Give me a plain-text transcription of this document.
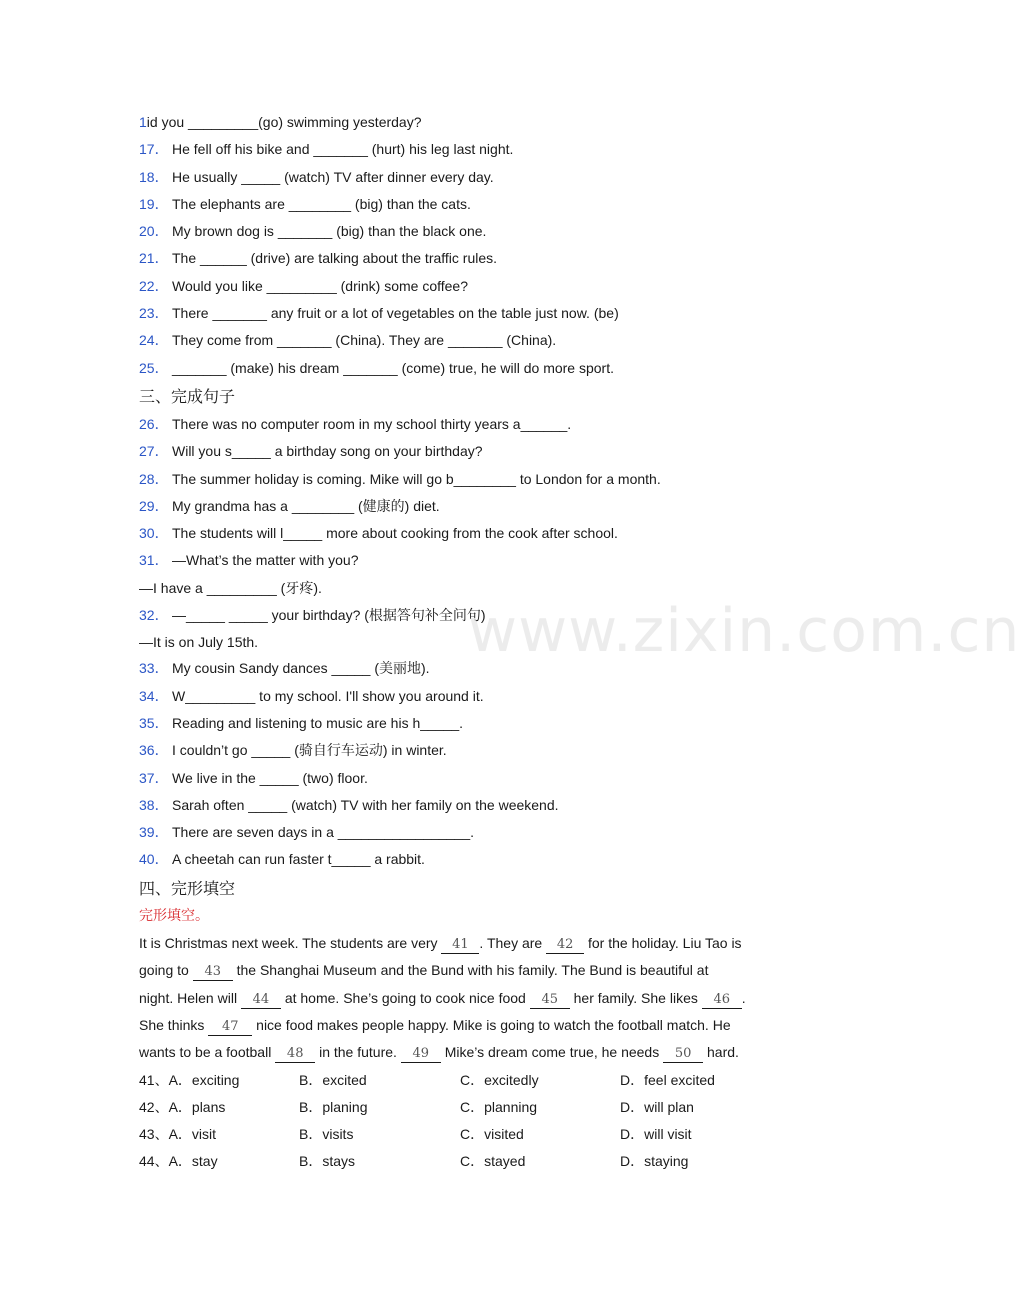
www.zixin.com.cn
1id you _________(go) swimming yesterday?
17． He fell off his bike and _______ (hurt) his leg last night.
18． He usually _____ (watch) TV after dinner every day.
19． The elephants are ________ (big) than the cats.
20． My brown dog is _______ (big) than the black one.
21． The ______ (drive) are talking about the traffic rules.
22． Would you like _________ (drink) some coffee?
23． There _______ any fruit or a lot of vegetables on the table just now. (be)
24． They come from _______ (China). They are _______ (China).
25． _______ (make) his dream _______ (come) true, he will do more sport.
三、完成句子
26． There was no computer room in my school thirty years a______.
27． Will you s_____ a birthday song on your birthday?
28． The summer holiday is coming. Mike will go b________ to London for a month.
29． My grandma has a ________ (健康的) diet.
30． The students will l_____ more about cooking from the cook after school.
31． —What’s the matter with you?
—I have a _________ (牙疼).
32． —_____ _____ your birthday? (根据答句补全问句)
—It is on July 15th.
33． My cousin Sandy dances _____ (美丽地).
34． W_________ to my school. I'll show you around it.
35． Reading and listening to music are his h_____.
36． I couldn’t go _____ (骑自行车运动) in winter.
37． We live in the _____ (two) floor.
38． Sarah often _____ (watch) TV with her family on the weekend.
39． There are seven days in a _________________.
40． A cheetah can run faster t_____ a rabbit.
四、完形填空
完形填空。
It is Christmas next week. The students are very 41 . They are 42 for the holiday. Liu Tao is
going to 43 the Shanghai Museum and the Bund with his family. The Bund is beautiful at
night. Helen will 44 at home. She’s going to cook nice food 45 her family. She likes 46 .
She thinks 47 nice food makes people happy. Mike is going to watch the football match. He
wants to be a football 48 in the future. 49 Mike’s dream come true, he needs 50 hard.
41、A．exciting	B．excited	C．excitedly	D．feel excited
42、A．plans	B．planing	C．planning	D．will plan
43、A．visit	B．visits	C．visited	D．will visit
44、A．stay	B．stays	C．stayed	D．staying
